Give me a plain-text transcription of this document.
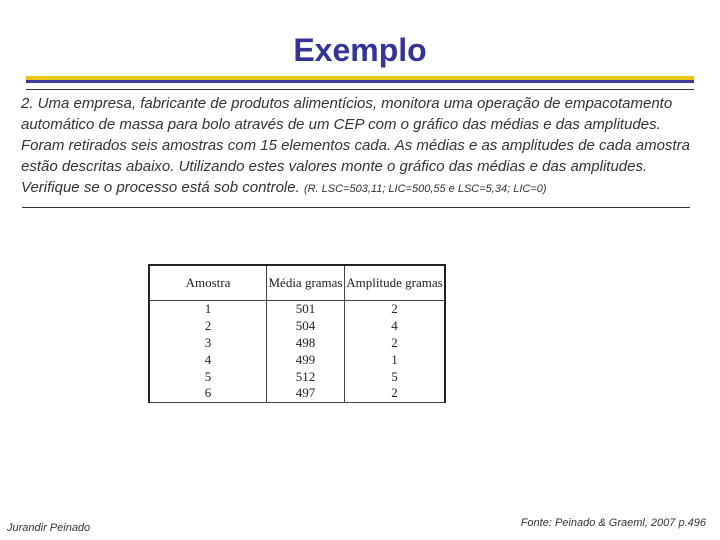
Exemplo
2. Uma empresa, fabricante de produtos alimentícios, monitora uma operação de empacotamento automático de massa para bolo através de um CEP com o gráfico das médias e das amplitudes. Foram retirados seis amostras com 15 elementos cada. As médias e as amplitudes de cada amostra estão descritas abaixo. Utilizando estes valores monte o gráfico das médias e das amplitudes. Verifique se o processo está sob controle. (R. LSC=503,11; LIC=500,55 e LSC=5,34; LIC=0)
Amostra	Média gramas	Amplitude gramas
1	501	2
2	504	4
3	498	2
4	499	1
5	512	5
6	497	2
Jurandir Peinado	Fonte: Peinado & Graeml, 2007 p.496
